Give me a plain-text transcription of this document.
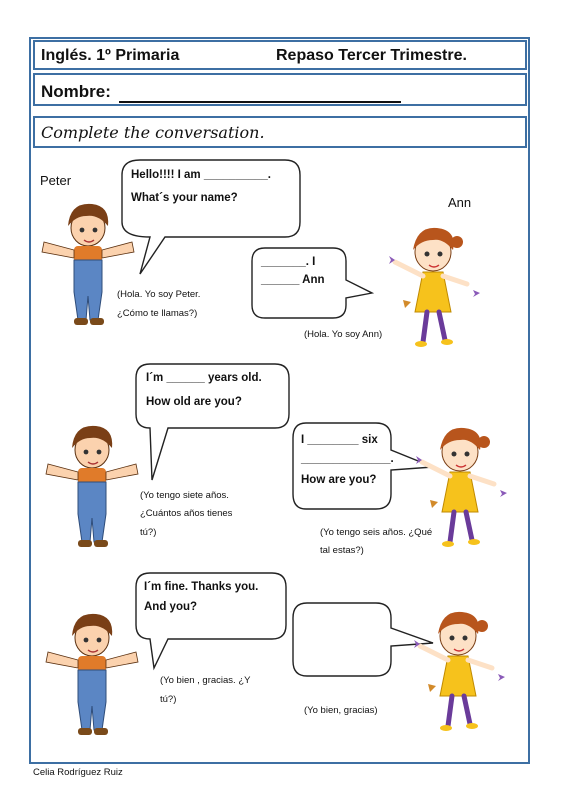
Inglés. 1º Primaria	Repaso Tercer Trimestre.
Nombre:
Complete the conversation.
Peter
Ann
Hello!!!! I am __________.
What´s your name?
(Hola. Yo soy Peter.
¿Cómo te llamas?)
_______. I
______ Ann
(Hola. Yo soy Ann)
I´m ______ years old.
How old are you?
(Yo tengo siete años.
¿Cuántos años tienes
tú?)
I ________ six
______________.
How are you?
(Yo tengo seis años. ¿Qué
tal estas?)
I´m fine. Thanks you.
And you?
(Yo bien , gracias. ¿Y
tú?)
(Yo bien, gracias)
Celia Rodríguez Ruiz
